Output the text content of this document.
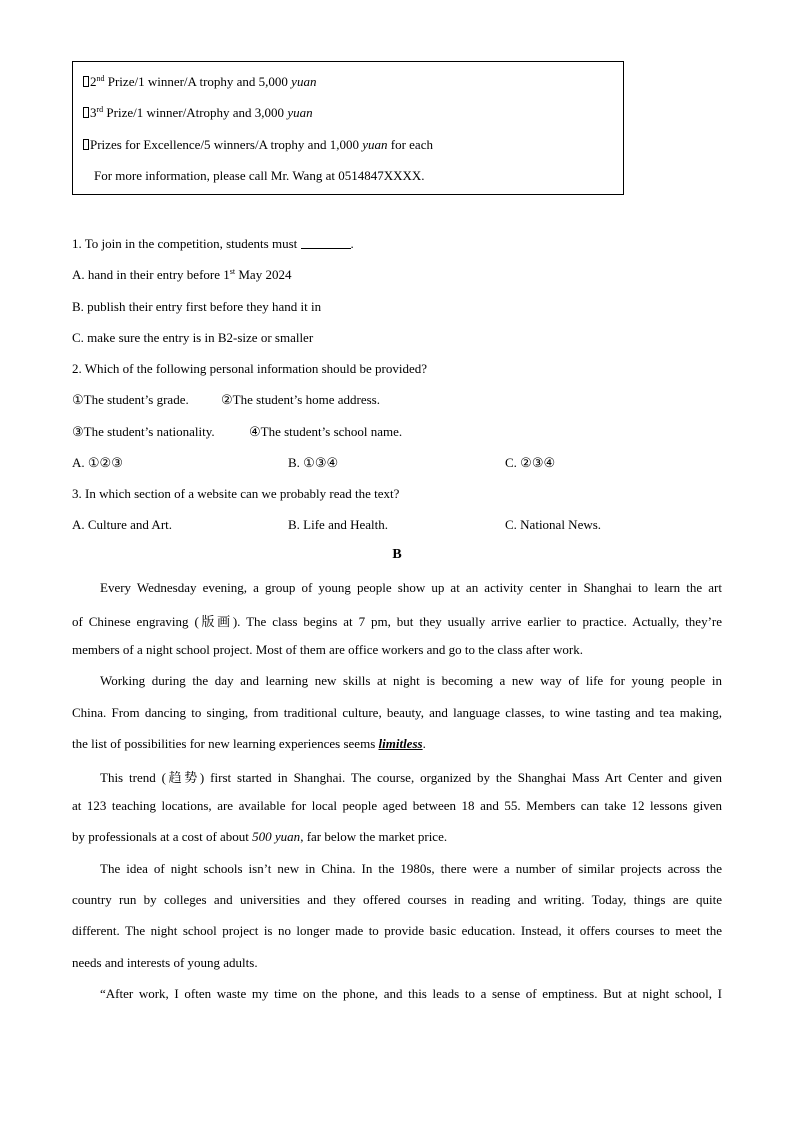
2nd Prize/1 winner/A trophy and 5,000 yuan
3rd Prize/1 winner/Atrophy and 3,000 yuan
Prizes for Excellence/5 winners/A trophy and 1,000 yuan for each
For more information, please call Mr. Wang at 0514847XXXX.
1. To join in the competition, students must	.
A. hand in their entry before 1st May 2024
B. publish their entry first before they hand it in
C. make sure the entry is in B2-size or smaller
2. Which of the following personal information should be provided?
①The student’s grade. ②The student’s home address.
③The student’s nationality.	④The student’s school name.
A. ①②③	B. ①③④	C. ②③④
3. In which section of a website can we probably read the text?
A. Culture and Art.	B. Life and Health.	C. National News.
B
Every Wednesday evening, a group of young people show up at an activity center in Shanghai to learn the art
of Chinese engraving (版画). The class begins at 7 pm, but they usually arrive earlier to practice. Actually, they’re
members of a night school project. Most of them are office workers and go to the class after work.
Working during the day and learning new skills at night is becoming a new way of life for young people in
China. From dancing to singing, from traditional culture, beauty, and language classes, to wine tasting and tea making,
the list of possibilities for new learning experiences seems limitless.
This trend (趋势) first started in Shanghai. The course, organized by the Shanghai Mass Art Center and given
at 123 teaching locations, are available for local people aged between 18 and 55. Members can take 12 lessons given
by professionals at a cost of about 500 yuan, far below the market price.
The idea of night schools isn’t new in China. In the 1980s, there were a number of similar projects across the
country run by colleges and universities and they offered courses in reading and writing. Today, things are quite
different. The night school project is no longer made to provide basic education. Instead, it offers courses to meet the
needs and interests of young adults.
“After work, I often waste my time on the phone, and this leads to a sense of emptiness. But at night school, I
